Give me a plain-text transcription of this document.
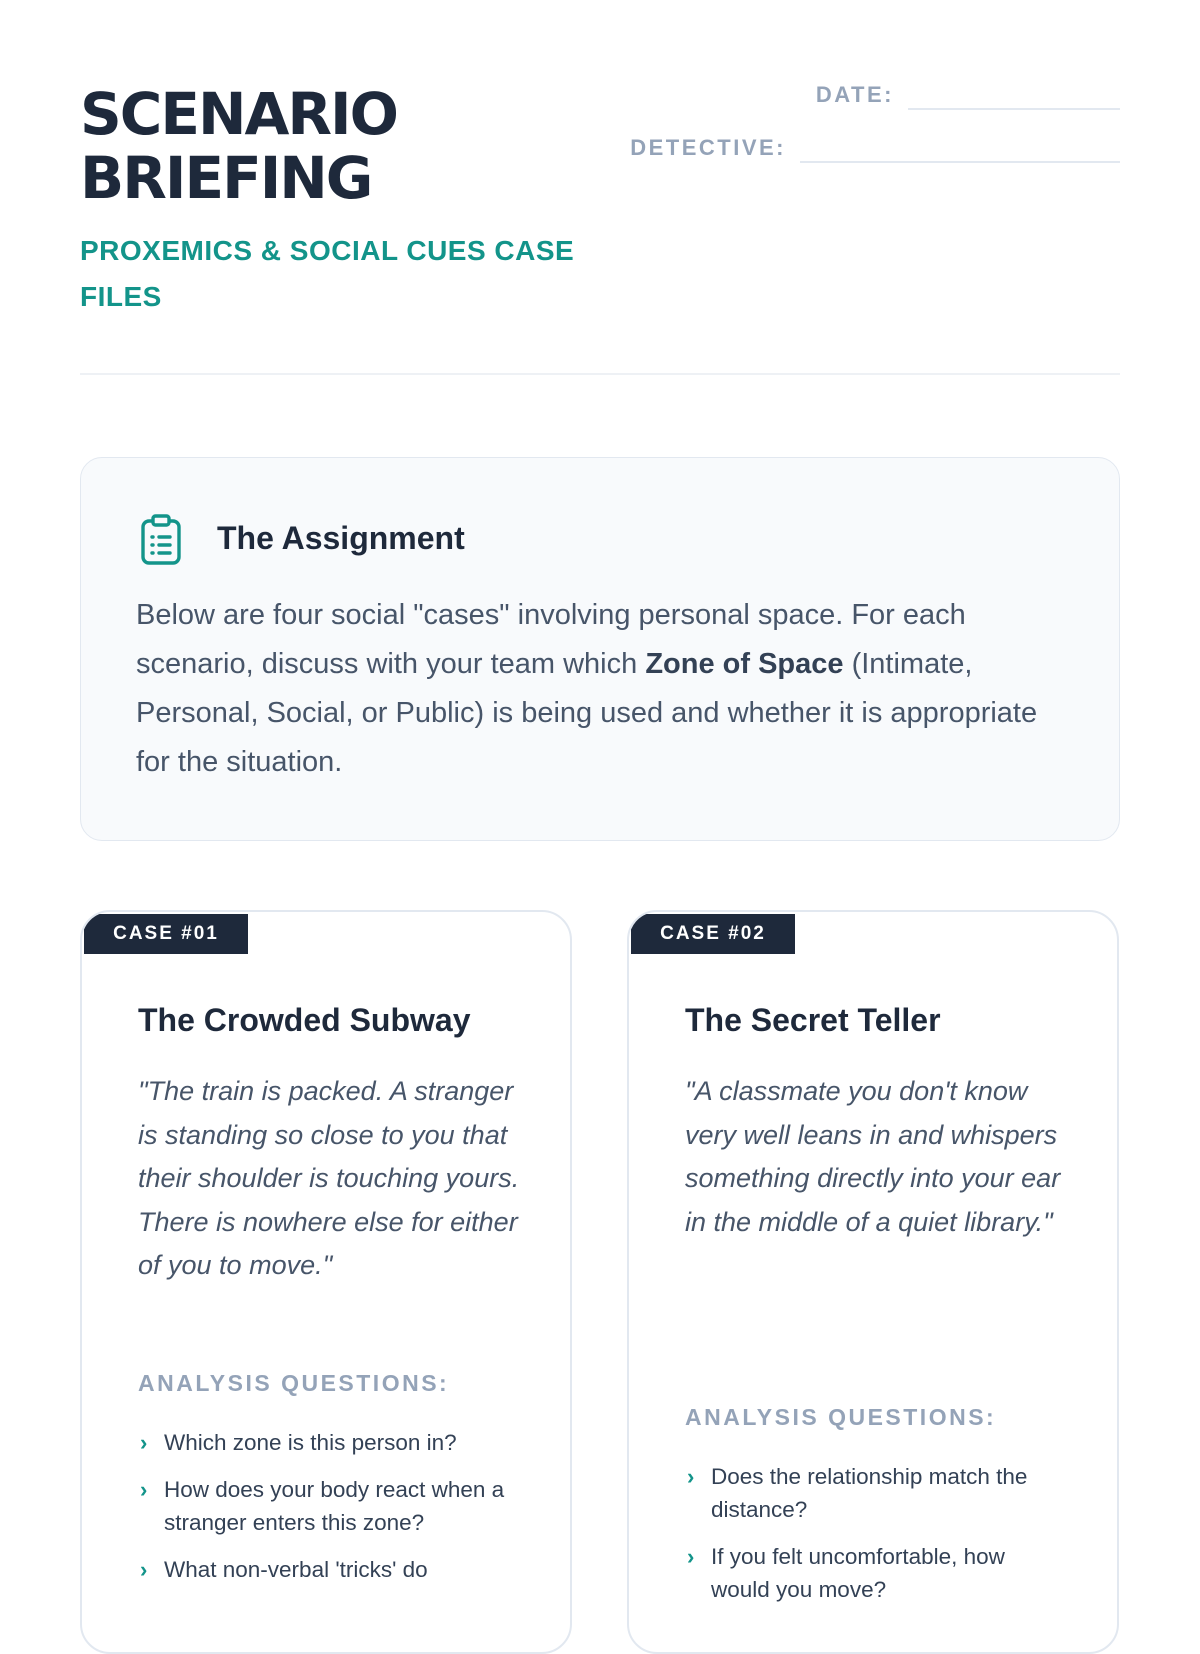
SCENARIO
BRIEFING
PROXEMICS & SOCIAL CUES CASE FILES
DATE:
DETECTIVE:
The Assignment

Below are four social "cases" involving personal space. For each scenario, discuss with your team which Zone of Space (Intimate, Personal, Social, or Public) is being used and whether it is appropriate for the situation.

CASE #01
The Crowded Subway

"The train is packed. A stranger is standing so close to you that their shoulder is touching yours. There is nowhere else for either of you to move."

ANALYSIS QUESTIONS:
› Which zone is this person in?
› How does your body react when a stranger enters this zone?
› What non-verbal 'tricks' do
CASE #02
The Secret Teller

"A classmate you don't know very well leans in and whispers something directly into your ear in the middle of a quiet library."

ANALYSIS QUESTIONS:
› Does the relationship match the distance?
› If you felt uncomfortable, how would you move?
